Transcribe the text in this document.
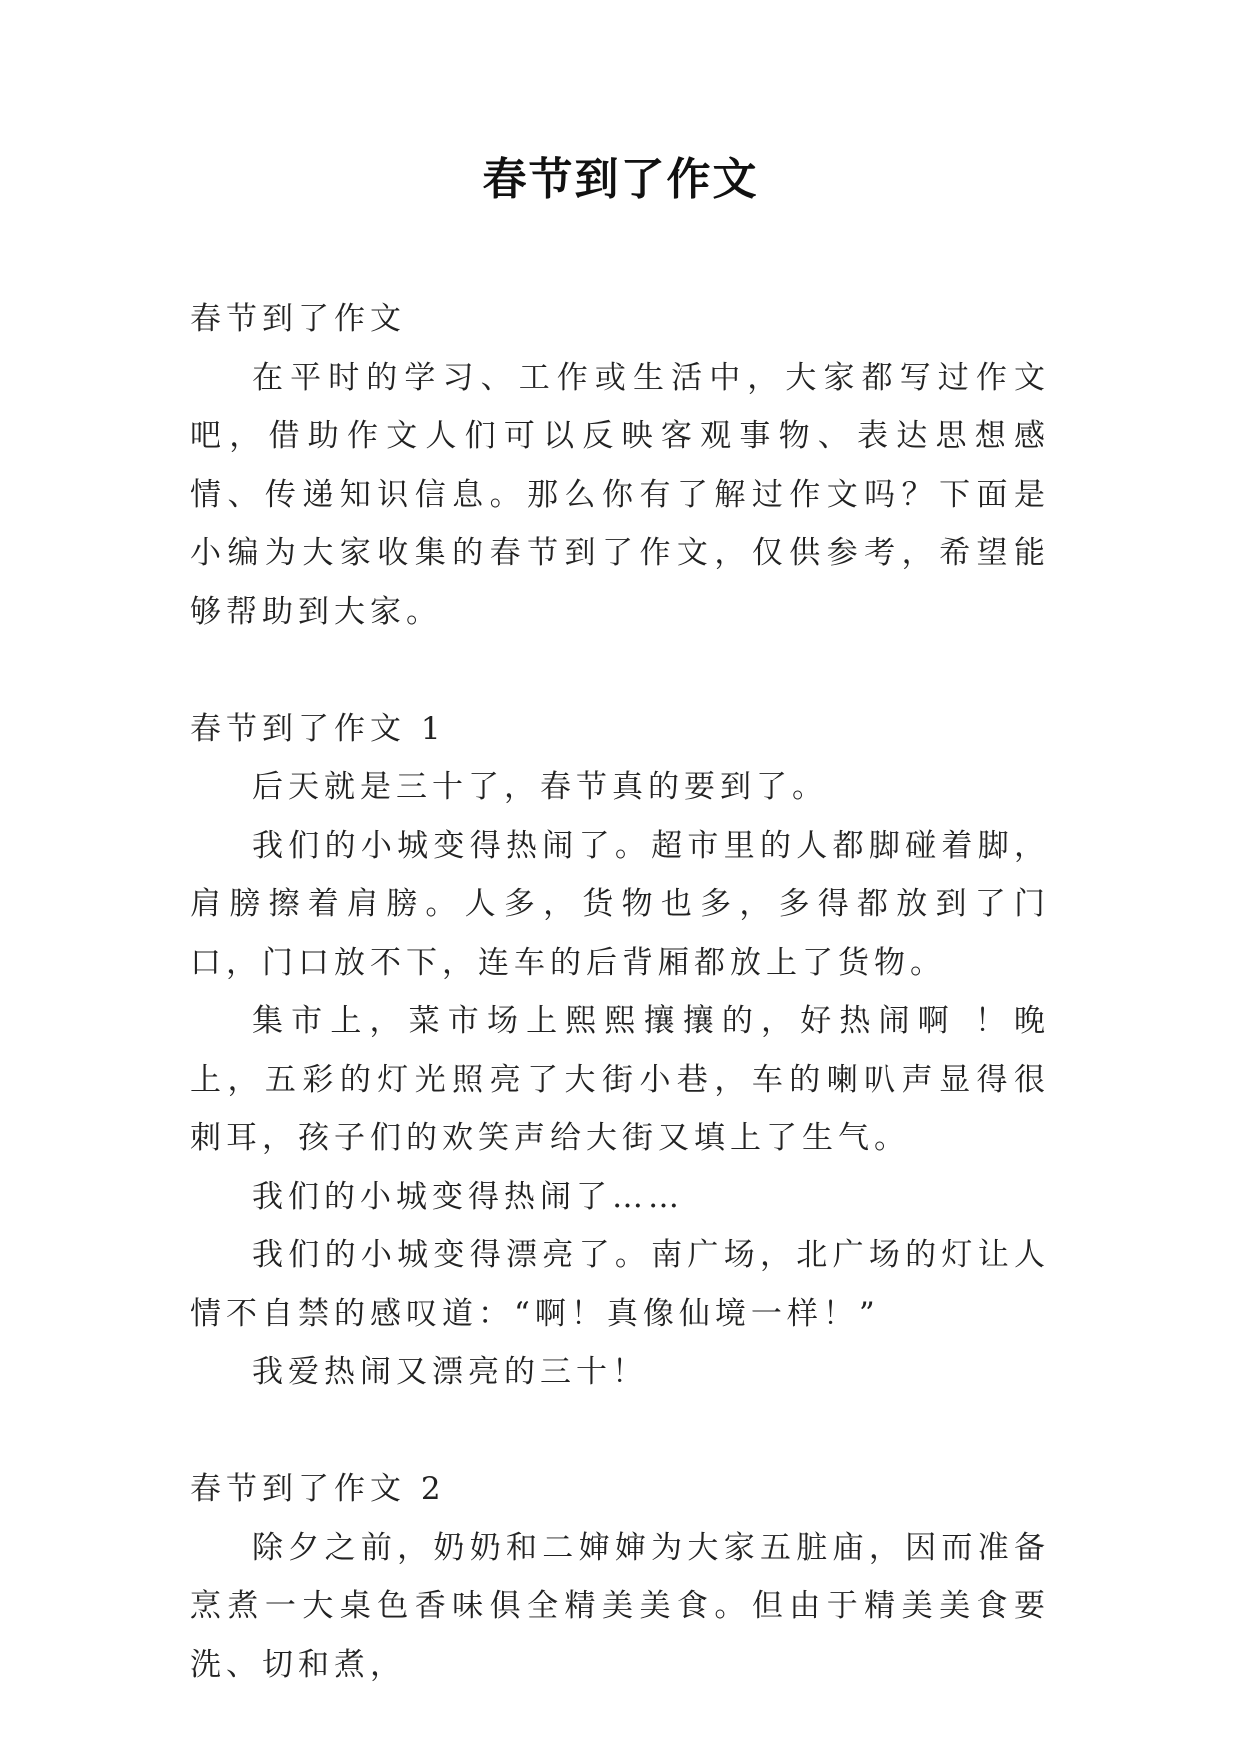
春节到了作文

春节到了作文

在平时的学习、工作或生活中，大家都写过作文吧，借助作文人们可以反映客观事物、表达思想感情、传递知识信息。那么你有了解过作文吗？下面是小编为大家收集的春节到了作文，仅供参考，希望能够帮助到大家。

春节到了作文 1

后天就是三十了，春节真的要到了。

我们的小城变得热闹了。超市里的人都脚碰着脚，肩膀擦着肩膀。人多，货物也多，多得都放到了门口，门口放不下，连车的后背厢都放上了货物。

集市上，菜市场上熙熙攘攘的，好热闹啊 ！晚上，五彩的灯光照亮了大街小巷，车的喇叭声显得很刺耳，孩子们的欢笑声给大街又填上了生气。

我们的小城变得热闹了……

我们的小城变得漂亮了。南广场，北广场的灯让人情不自禁的感叹道：“啊！真像仙境一样！”

我爱热闹又漂亮的三十！

春节到了作文 2

除夕之前，奶奶和二婶婶为大家五脏庙，因而准备烹煮一大桌色香味俱全精美美食。但由于精美美食要洗、切和煮，
